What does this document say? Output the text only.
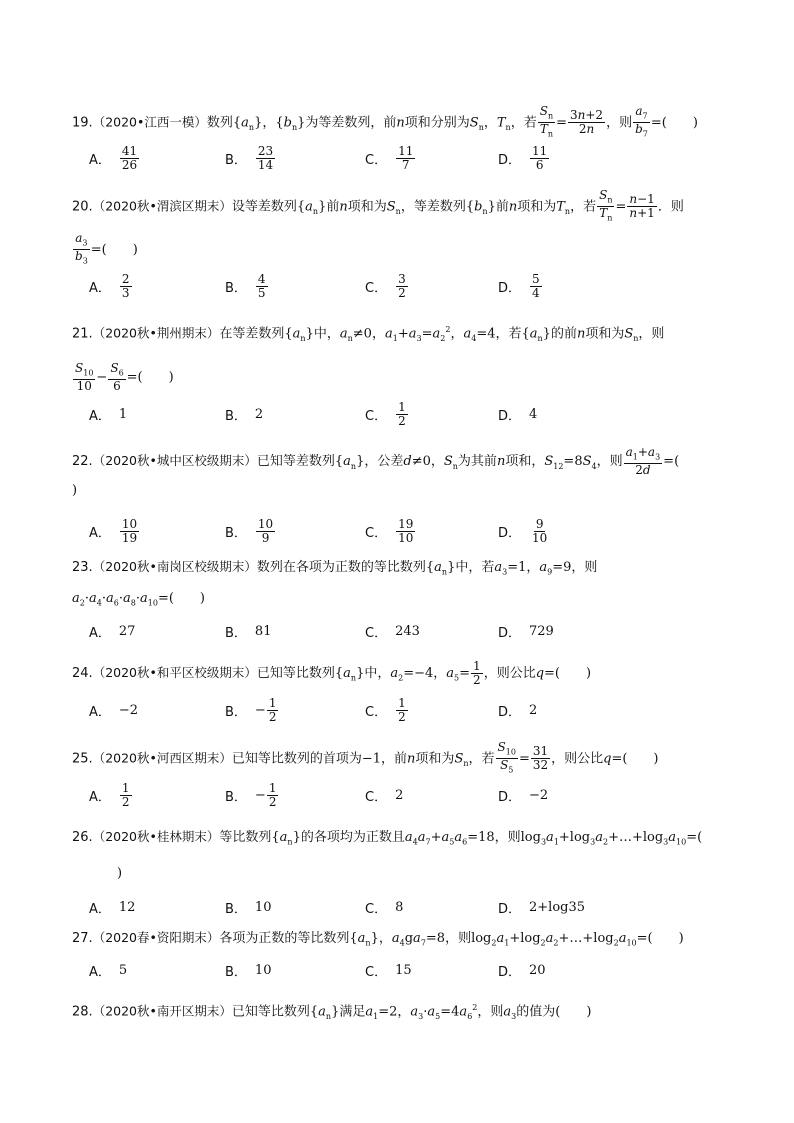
19.（2020•江西一模）数列$\{a_n\}$，$\{b_n\}$为等差数列，前n项和分别为$S_n$，$T_n$，若 $\frac{S_n}{T_n} = \frac{3n+2}{2n}$ ，则 $\frac{a_7}{b_7}$ =(　　)
A． $\frac{41}{26}$	B． $\frac{23}{14}$	C． $\frac{11}{7}$	D． $\frac{11}{6}$
20.（2020秋•渭滨区期末）设等差数列$\{a_n\}$前n项和为$S_n$，等差数列$\{b_n\}$前n项和为$T_n$，若 $\frac{S_n}{T_n} = \frac{n-1}{n+1}$ ．则
$\frac{a_3}{b_3}$ =(　　)
A． $\frac{2}{3}$	B． $\frac{4}{5}$	C． $\frac{3}{2}$	D． $\frac{5}{4}$
21.（2020秋•荆州期末）在等差数列$\{a_n\}$中，$a_n\ne 0$，$a_1+a_3=a_2^2$，$a_4=4$，若$\{a_n\}$的前n项和为$S_n$，则
$\frac{S_{10}}{10} - \frac{S_6}{6}$ =(　　)
A． 1	B． 2	C． $\frac{1}{2}$	D． 4
22.（2020秋•城中区校级期末）已知等差数列$\{a_n\}$，公差d≠0，$S_n$为其前n项和，$S_{12}=8S_4$，则 $\frac{a_1+a_3}{2d}$ =(
)
A． $\frac{10}{19}$	B． $\frac{10}{9}$	C． $\frac{19}{10}$	D． $\frac{9}{10}$
23.（2020秋•南岗区校级期末）数列在各项为正数的等比数列$\{a_n\}$中，若$a_3=1$，$a_9=9$，则
$a_2\cdot a_4\cdot a_6\cdot a_8\cdot a_{10}=$(　　)
A． 27	B． 81	C． 243	D． 729
24.（2020秋•和平区校级期末）已知等比数列$\{a_n\}$中，$a_2=-4$，$a_5= \frac{1}{2}$ ，则公比q=(　　)
A． −2	B． − $\frac{1}{2}$	C． $\frac{1}{2}$	D． 2
25.（2020秋•河西区期末）已知等比数列的首项为−1，前n项和为$S_n$，若 $\frac{S_{10}}{S_5} = \frac{31}{32}$ ，则公比q=(　　)
A． $\frac{1}{2}$	B． − $\frac{1}{2}$	C． 2	D． −2
26.（2020秋•桂林期末）等比数列$\{a_n\}$的各项均为正数且$a_4a_7+a_5a_6=18$，则$\log_3a_1+\log_3a_2+\dots+\log_3a_{10}=$(
)
A． 12	B． 10	C． 8	D． 2+log35
27.（2020春•资阳期末）各项为正数的等比数列$\{a_n\}$，$a_4ga_7=8$，则$\log_2a_1+\log_2a_2+\dots+\log_2a_{10}=$(　　)
A． 5	B． 10	C． 15	D． 20
28.（2020秋•南开区期末）已知等比数列$\{a_n\}$满足$a_1=2$，$a_3\cdot a_5=4a_6^2$，则$a_3$的值为(　　)
